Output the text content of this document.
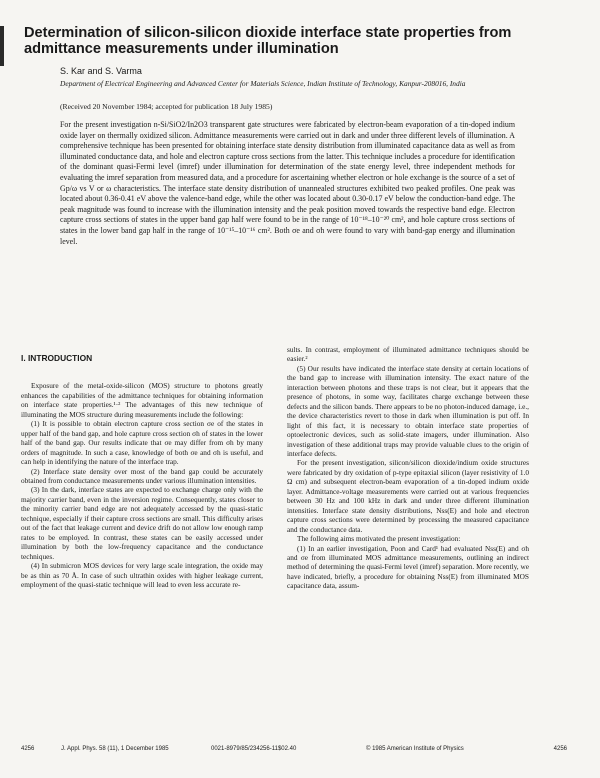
Determination of silicon-silicon dioxide interface state properties from admittance measurements under illumination
S. Kar and S. Varma
Department of Electrical Engineering and Advanced Center for Materials Science, Indian Institute of Technology, Kanpur-208016, India
(Received 20 November 1984; accepted for publication 18 July 1985)

For the present investigation n-Si/SiO2/In2O3 transparent gate structures were fabricated by electron-beam evaporation of a tin-doped indium oxide layer on thermally oxidized silicon. Admittance measurements were carried out in dark and under three different levels of illumination. A comprehensive technique has been presented for obtaining interface state density distribution from illuminated capacitance data as well as from illuminated conductance data, and hole and electron capture cross sections from the latter. This technique includes a procedure for identification of the dominant quasi-Fermi level (imref) under illumination for determination of the state energy level, three independent methods for evaluating the imref separation from measured data, and a procedure for ascertaining whether electron or hole exchange is the source of a set of Gp/ω vs V or ω characteristics. The interface state density distribution of unannealed structures exhibited two peaked profiles. One peak was located about 0.36-0.41 eV above the valence-band edge, while the other was located about 0.30-0.17 eV below the conduction-band edge. The peak magnitude was found to increase with the illumination intensity and the peak position moved towards the respective band edge. Electron capture cross sections of states in the upper band gap half were found to be in the range of 10⁻¹⁸–10⁻²⁰ cm², and hole capture cross sections of states in the lower band gap half in the range of 10⁻¹⁵–10⁻¹⁶ cm². Both σe and σh were found to vary with band-gap energy and illumination level.

I. INTRODUCTION

Exposure of the metal-oxide-silicon (MOS) structure to photons greatly enhances the capabilities of the admittance techniques for obtaining information on interface state properties.¹·² The advantages of this new technique of illuminating the MOS structure during measurements include the following:

(1) It is possible to obtain electron capture cross section σe of the states in upper half of the band gap, and hole capture cross section σh of states in the lower half of the band gap. Our results indicate that σe may differ from σh by many orders of magnitude. In such a case, knowledge of both σe and σh is useful, and can help in identifying the nature of the interface trap.

(2) Interface state density over most of the band gap could be accurately obtained from conductance measurements under various illumination intensities.

(3) In the dark, interface states are expected to exchange charge only with the majority carrier band, even in the inversion regime. Consequently, states closer to the minority carrier band edge are not adequately accessed by the quasi-static technique, especially if their capture cross sections are small. This difficulty arises out of the fact that leakage current and device drift do not allow low enough ramp rates to be employed. In contrast, these states can be easily accessed under illumination by both the low-frequency capacitance and the conductance techniques.

(4) In submicron MOS devices for very large scale integration, the oxide may be as thin as 70 Å. In case of such ultrathin oxides with higher leakage current, employment of the quasi-static technique will lead to even less accurate re-

sults. In contrast, employment of illuminated admittance techniques should be easier.²

(5) Our results have indicated the interface state density at certain locations of the band gap to increase with illumination intensity. The exact nature of the interaction between photons and these traps is not clear, but it appears that the presence of photons, in some way, facilitates charge exchange between these defects and the silicon bands. There appears to be no photon-induced damage, i.e., the device characteristics revert to those in dark when illumination is put off. In light of this fact, it is necessary to obtain interface state properties of optoelectronic devices, such as solid-state imagers, under illumination. Also investigation of these additional traps may provide valuable clues to the origin of interface defects.

For the present investigation, silicon/silicon dioxide/indium oxide structures were fabricated by dry oxidation of p-type epitaxial silicon (layer resistivity of 1.0 Ω cm) and subsequent electron-beam evaporation of a tin-doped indium oxide layer. Admittance-voltage measurements were carried out at various frequencies between 30 Hz and 100 kHz in dark and under three different illumination intensities. Interface state density distributions, Nss(E) and hole and electron capture cross sections were determined by processing the measured capacitance and the conductance data.

The following aims motivated the present investigation:

(1) In an earlier investigation, Poon and Card¹ had evaluated Nss(E) and σh and σe from illuminated MOS admittance measurements, outlining an indirect method of determining the quasi-Fermi level (imref) separation. More recently, we have indicated, briefly, a procedure for obtaining Nss(E) from illuminated MOS capacitance data, assum-

4256	J. Appl. Phys. 58 (11), 1 December 1985	0021-8979/85/234256-11$02.40	© 1985 American Institute of Physics	4256
